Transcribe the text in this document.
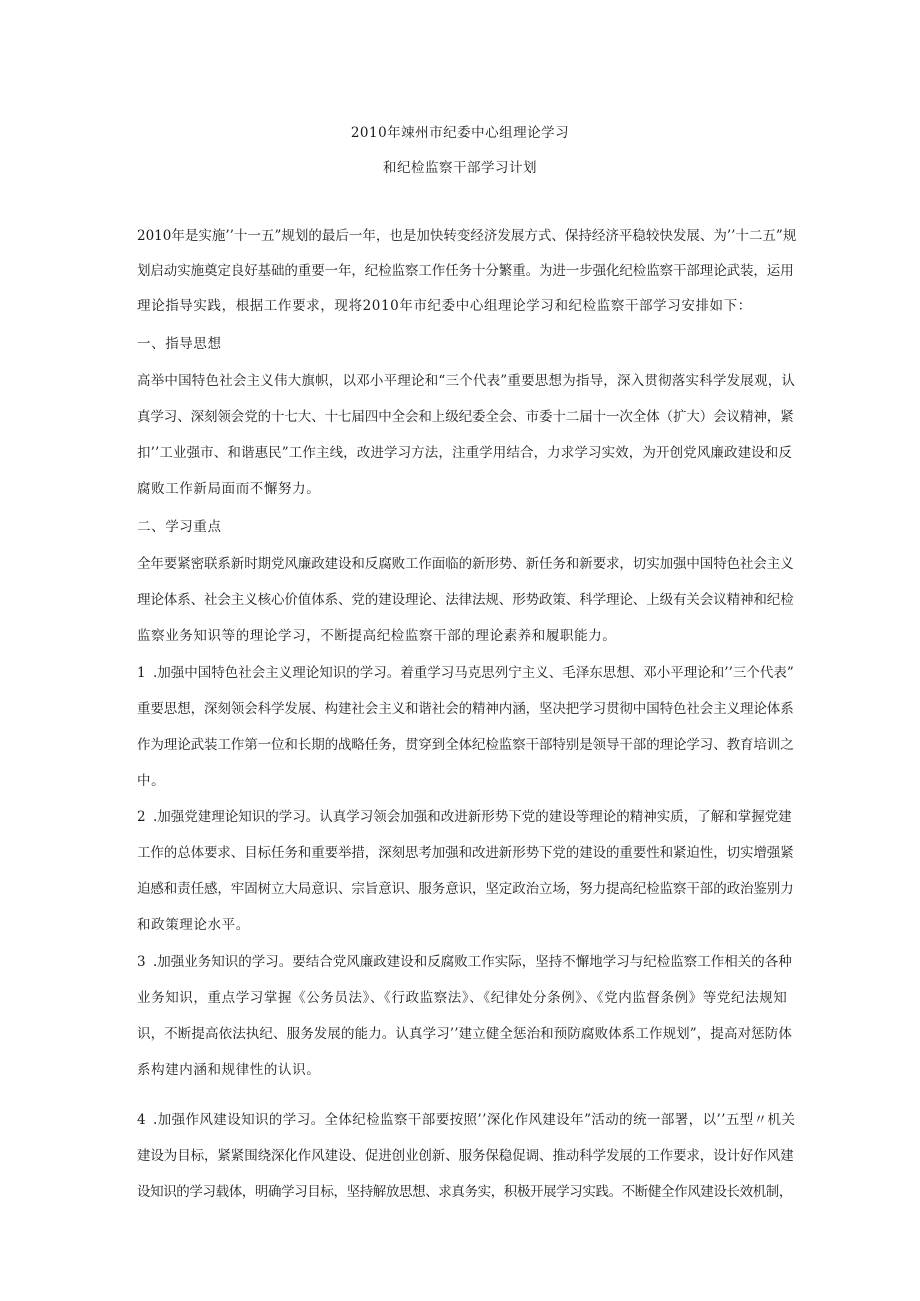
2010年竦州市纪委中心组理论学习
和纪检监察干部学习计划
2010年是实施’’十一五”规划的最后一年，也是加快转变经济发展方式、保持经济平稳较快发展、为’’十二五”规
划启动实施奠定良好基础的重要一年，纪检监察工作任务十分繁重。为进一步强化纪检监察干部理论武装，运用
理论指导实践，根据工作要求，现将2010年市纪委中心组理论学习和纪检监察干部学习安排如下：
一、指导思想
高举中国特色社会主义伟大旗帜，以邓小平理论和“三个代表”重要思想为指导，深入贯彻落实科学发展观，认
真学习、深刻领会党的十七大、十七届四中全会和上级纪委全会、市委十二届十一次全体（扩大）会议精神，紧
扣’’工业强市、和谐惠民”工作主线，改进学习方法，注重学用结合，力求学习实效，为开创党风廉政建设和反
腐败工作新局面而不懈努力。
二、学习重点
全年要紧密联系新时期党风廉政建设和反腐败工作面临的新形势、新任务和新要求，切实加强中国特色社会主义
理论体系、社会主义核心价值体系、党的建设理论、法律法规、形势政策、科学理论、上级有关会议精神和纪检
监察业务知识等的理论学习，不断提高纪检监察干部的理论素养和履职能力。
1 .加强中国特色社会主义理论知识的学习。着重学习马克思列宁主义、毛泽东思想、邓小平理论和’’三个代表”
重要思想，深刻领会科学发展、构建社会主义和谐社会的精神内涵，坚决把学习贯彻中国特色社会主义理论体系
作为理论武装工作第一位和长期的战略任务，贯穿到全体纪检监察干部特别是领导干部的理论学习、教育培训之
中。
2 .加强党建理论知识的学习。认真学习领会加强和改进新形势下党的建设等理论的精神实质，了解和掌握党建
工作的总体要求、目标任务和重要举措，深刻思考加强和改进新形势下党的建设的重要性和紧迫性，切实增强紧
迫感和责任感，牢固树立大局意识、宗旨意识、服务意识，坚定政治立场，努力提高纪检监察干部的政治鉴别力
和政策理论水平。
3 .加强业务知识的学习。要结合党风廉政建设和反腐败工作实际，坚持不懈地学习与纪检监察工作相关的各种
业务知识，重点学习掌握《公务员法》、《行政监察法》、《纪律处分条例》、《党内监督条例》等党纪法规知
识，不断提高依法执纪、服务发展的能力。认真学习’’建立健全惩治和预防腐败体系工作规划”，提高对惩防体
系构建内涵和规律性的认识。
4 .加强作风建设知识的学习。全体纪检监察干部要按照’’深化作风建设年”活动的统一部署，以’’五型〃机关
建设为目标，紧紧围绕深化作风建设、促进创业创新、服务保稳促调、推动科学发展的工作要求，设计好作风建
设知识的学习载体，明确学习目标，坚持解放思想、求真务实，积极开展学习实践。不断健全作风建设长效机制，
